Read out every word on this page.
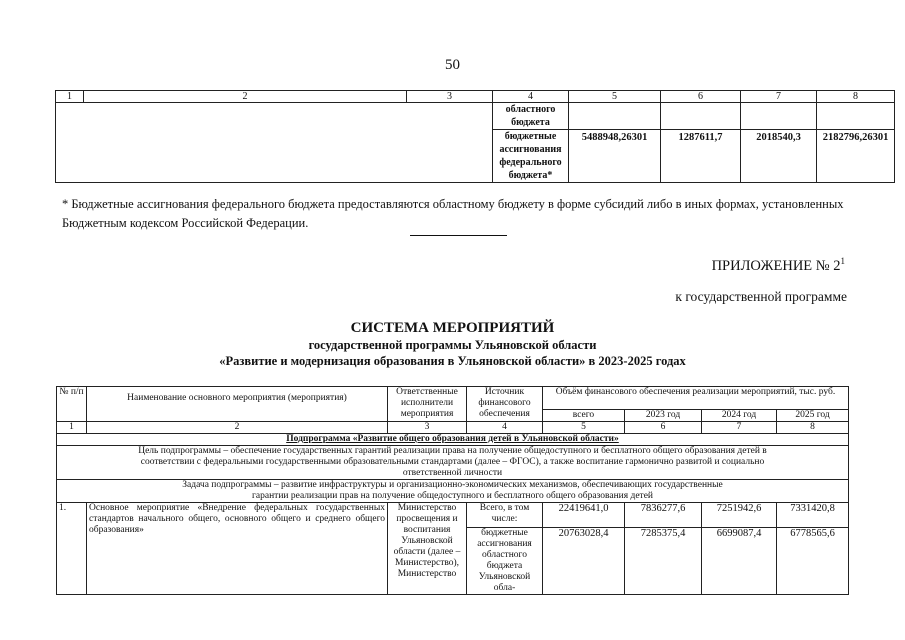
50
1	2	3	4	5	6	7	8
			областного бюджета				
			бюджетные ассигнования федерального бюджета*	5488948,26301	1287611,7	2018540,3	2182796,26301
* Бюджетные ассигнования федерального бюджета предоставляются областному бюджету в форме субсидий либо в иных формах, установленных Бюджетным кодексом Российской Федерации.
ПРИЛОЖЕНИЕ № $2^1$
к государственной программе
СИСТЕМА МЕРОПРИЯТИЙ
государственной программы Ульяновской области
«Развитие и модернизация образования в Ульяновской области» в 2023-2025 годах
№ п/п	Наименование основного мероприятия (мероприятия)	Ответственные исполнители мероприятия	Источник финансового обеспечения	Объём финансового обеспечения реализации мероприятий, тыс. руб.			
				всего	2023 год	2024 год	2025 год
1	2	3	4	5	6	7	8
Подпрограмма «Развитие общего образования детей в Ульяновской области»							
Цель подпрограммы – обеспечение государственных гарантий реализации права на получение общедоступного и бесплатного общего образования детей в соответствии с федеральными государственными образовательными стандартами (далее – ФГОС), а также воспитание гармонично развитой и социально ответственной личности							
Задача подпрограммы – развитие инфраструктуры и организационно-экономических механизмов, обеспечивающих государственные гарантии реализации прав на получение общедоступного и бесплатного общего образования детей							
1.	Основное мероприятие «Внедрение федеральных государственных стандартов начального общего, основного общего и среднего общего образования»	Министерство просвещения и воспитания Ульяновской области (далее – Министерство), Министерство	Всего, в том числе:	22419641,0	7836277,6	7251942,6	7331420,8
			бюджетные ассигнования областного бюджета Ульяновской обла-	20763028,4	7285375,4	6699087,4	6778565,6
